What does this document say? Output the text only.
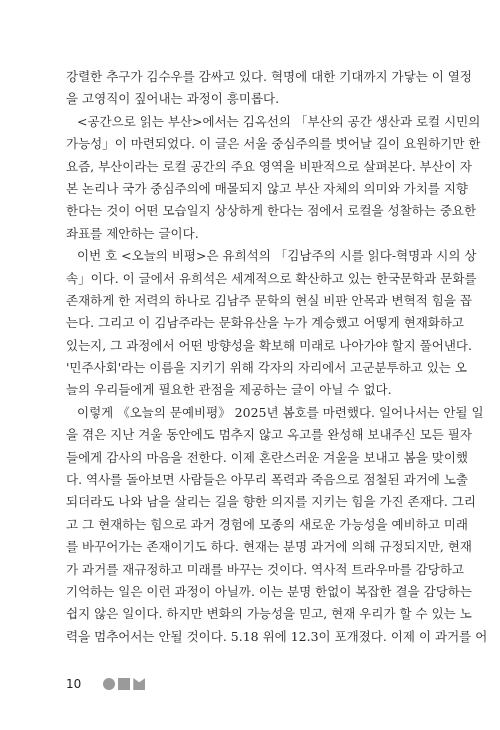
강렬한 추구가 김수우를 감싸고 있다. 혁명에 대한 기대까지 가닿는 이 열정
을 고영직이 짚어내는 과정이 흥미롭다.
<공간으로 읽는 부산>에서는 김옥선의 「부산의 공간 생산과 로컬 시민의
가능성」이 마련되었다. 이 글은 서울 중심주의를 벗어날 길이 요원하기만 한
요즘, 부산이라는 로컬 공간의 주요 영역을 비판적으로 살펴본다. 부산이 자
본 논리나 국가 중심주의에 매몰되지 않고 부산 자체의 의미와 가치를 지향
한다는 것이 어떤 모습일지 상상하게 한다는 점에서 로컬을 성찰하는 중요한
좌표를 제안하는 글이다.
이번 호 <오늘의 비평>은 유희석의 「김남주의 시를 읽다-혁명과 시의 상
속」이다. 이 글에서 유희석은 세계적으로 확산하고 있는 한국문학과 문화를
존재하게 한 저력의 하나로 김남주 문학의 현실 비판 안목과 변혁적 힘을 꼽
는다. 그리고 이 김남주라는 문화유산을 누가 계승했고 어떻게 현재화하고
있는지, 그 과정에서 어떤 방향성을 확보해 미래로 나아가야 할지 풀어낸다.
'민주사회'라는 이름을 지키기 위해 각자의 자리에서 고군분투하고 있는 오
늘의 우리들에게 필요한 관점을 제공하는 글이 아닐 수 없다.
이렇게 《오늘의 문예비평》 2025년 봄호를 마련했다. 일어나서는 안될 일
을 겪은 지난 겨울 동안에도 멈추지 않고 옥고를 완성해 보내주신 모든 필자
들에게 감사의 마음을 전한다. 이제 혼란스러운 겨울을 보내고 봄을 맞이했
다. 역사를 돌아보면 사람들은 아무리 폭력과 죽음으로 점철된 과거에 노출
되더라도 나와 남을 살리는 길을 향한 의지를 지키는 힘을 가진 존재다. 그리
고 그 현재하는 힘으로 과거 경험에 모종의 새로운 가능성을 예비하고 미래
를 바꾸어가는 존재이기도 하다. 현재는 분명 과거에 의해 규정되지만, 현재
가 과거를 재규정하고 미래를 바꾸는 것이다. 역사적 트라우마를 감당하고
기억하는 일은 이런 과정이 아닐까. 이는 분명 한없이 복잡한 결을 감당하는
쉽지 않은 일이다. 하지만 변화의 가능성을 믿고, 현재 우리가 할 수 있는 노
력을 멈추어서는 안될 것이다. 5.18 위에 12.3이 포개졌다. 이제 이 과거를 어
10
